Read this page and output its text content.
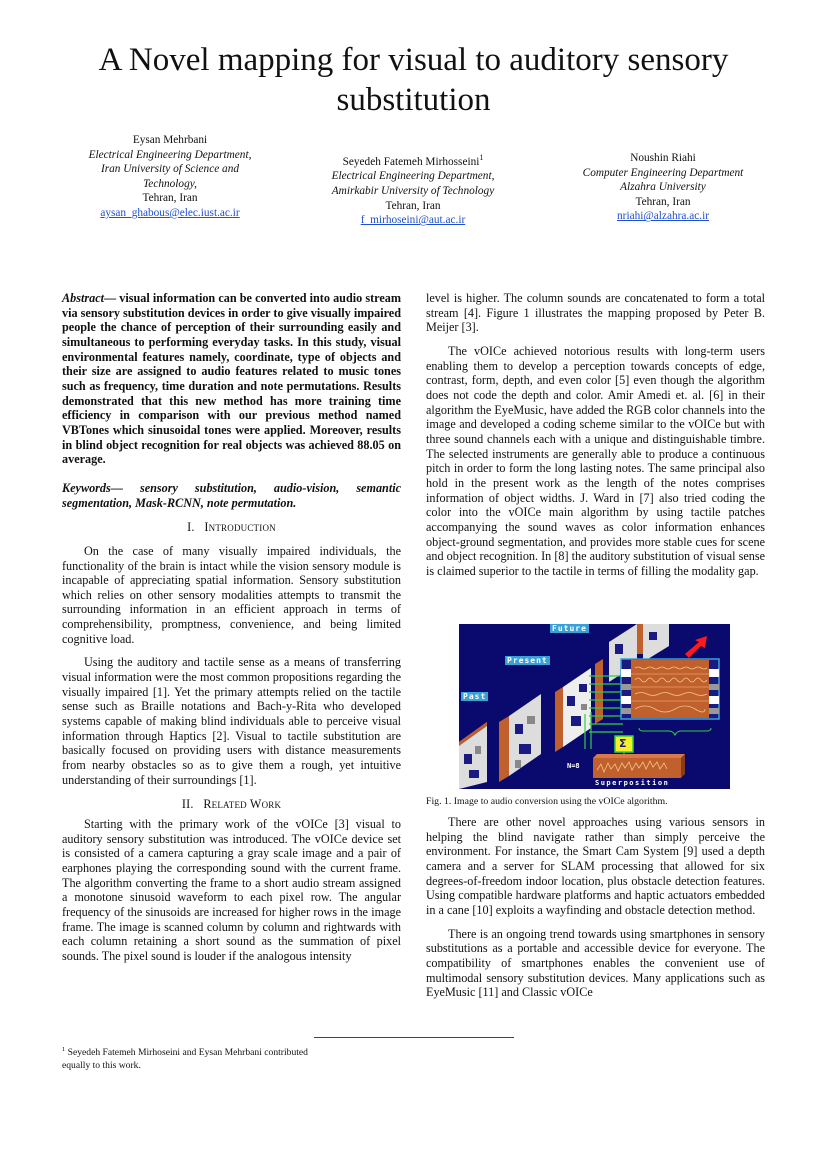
A Novel mapping for visual to auditory sensory
substitution
Eysan Mehrbani
Electrical Engineering Department,
Iran University of Science and
Technology,
Tehran, Iran
aysan_ghabous@elec.iust.ac.ir
Seyedeh Fatemeh Mirhosseini$^1$
Electrical Engineering Department,
Amirkabir University of Technology
Tehran, Iran
f_mirhoseini@aut.ac.ir
Noushin Riahi
Computer Engineering Department
Alzahra University
Tehran, Iran
nriahi@alzahra.ac.ir

Abstract— visual information can be converted into audio stream via sensory substitution devices in order to give visually impaired people the chance of perception of their surrounding easily and simultaneous to performing everyday tasks. In this study, visual environmental features namely, coordinate, type of objects and their size are assigned to audio features related to music tones such as frequency, time duration and note permutations. Results demonstrated that this new method has more training time efficiency in comparison with our previous method named VBTones which sinusoidal tones were applied. Moreover, results in blind object recognition for real objects was achieved 88.05 on average.

Keywords— sensory substitution, audio-vision, semantic segmentation, Mask-RCNN, note permutation.

I. Introduction

On the case of many visually impaired individuals, the functionality of the brain is intact while the vision sensory module is incapable of appreciating spatial information. Sensory substitution which relies on other sensory modalities attempts to transmit the surrounding information in an efficient approach in terms of comprehensibility, promptness, convenience, and being limited cognitive load.

Using the auditory and tactile sense as a means of transferring visual information were the most common propositions regarding the visually impaired [1]. Yet the primary attempts relied on the tactile sense such as Braille notations and Bach-y-Rita who developed systems capable of making blind individuals able to perceive visual information through Haptics [2]. Visual to tactile substitution are basically focused on providing users with distance measurements from nearby obstacles so as to give them a rough, yet intuitive understanding of their surroundings [1].

II. Related Work

Starting with the primary work of the vOICe [3] visual to auditory sensory substitution was introduced. The vOICe device set is consisted of a camera capturing a gray scale image and a pair of earphones playing the corresponding sound with the current frame. The algorithm converting the frame to a short audio stream assigned a monotone sinusoid waveform to each pixel row. The angular frequency of the sinusoids are increased for higher rows in the image frame. The image is scanned column by column and rightwards with each column retaining a short sound as the summation of pixel sounds. The pixel sound is louder if the analogous intensity

level is higher. The column sounds are concatenated to form a total stream [4]. Figure 1 illustrates the mapping proposed by Peter B. Meijer [3].

The vOICe achieved notorious results with long-term users enabling them to develop a perception towards concepts of edge, contrast, form, depth, and even color [5] even though the algorithm does not code the depth and color. Amir Amedi et. al. [6] in their algorithm the EyeMusic, have added the RGB color channels into the image and developed a coding scheme similar to the vOICe but with three sound channels each with a unique and distinguishable timbre. The selected instruments are generally able to produce a continuous pitch in order to form the long lasting notes. The same principal also hold in the present work as the length of the notes comprises information of object widths. J. Ward in [7] also tried coding the color into the vOICe main algorithm by using tactile patches accompanying the sound waves as color information enhances object-ground segmentation, and provides more stable cues for scene and object recognition. In [8] the auditory substitution of visual sense is claimed superior to the tactile in terms of filling the modality gap.

Future
Present
Past
Σ
N=8
Superposition
Fig. 1. Image to audio conversion using the vOICe algorithm.

There are other novel approaches using various sensors in helping the blind navigate rather than simply perceive the environment. For instance, the Smart Cam System [9] used a depth camera and a server for SLAM processing that allowed for six degrees-of-freedom indoor location, plus obstacle detection features. Using compatible hardware platforms and haptic actuators embedded in a cane [10] exploits a wayfinding and obstacle detection method.

There is an ongoing trend towards using smartphones in sensory substitutions as a portable and accessible device for everyone. The compatibility of smartphones enables the convenient use of multimodal sensory substitution devices. Many applications such as EyeMusic [11] and Classic vOICe

$^1$ Seyedeh Fatemeh Mirhoseini and Eysan Mehrbani contributed equally to this work.
